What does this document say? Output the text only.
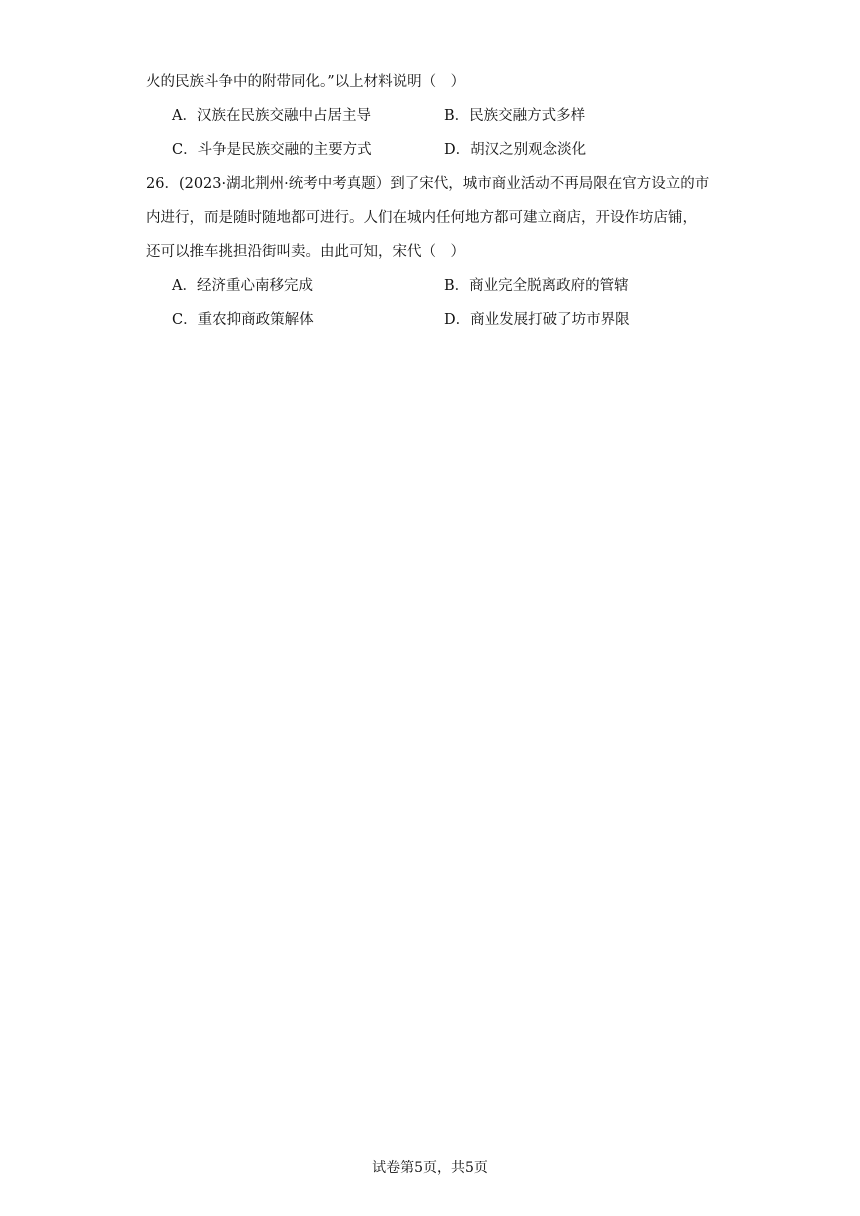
火的民族斗争中的附带同化。”以上材料说明（　）
A．汉族在民族交融中占居主导	B．民族交融方式多样
C．斗争是民族交融的主要方式	D．胡汉之别观念淡化
26．(2023·湖北荆州·统考中考真题）到了宋代，城市商业活动不再局限在官方设立的市
内进行，而是随时随地都可进行。人们在城内任何地方都可建立商店，开设作坊店铺，
还可以推车挑担沿街叫卖。由此可知，宋代（　）
A．经济重心南移完成	B．商业完全脱离政府的管辖
C．重农抑商政策解体	D．商业发展打破了坊市界限
试卷第5页，共5页
